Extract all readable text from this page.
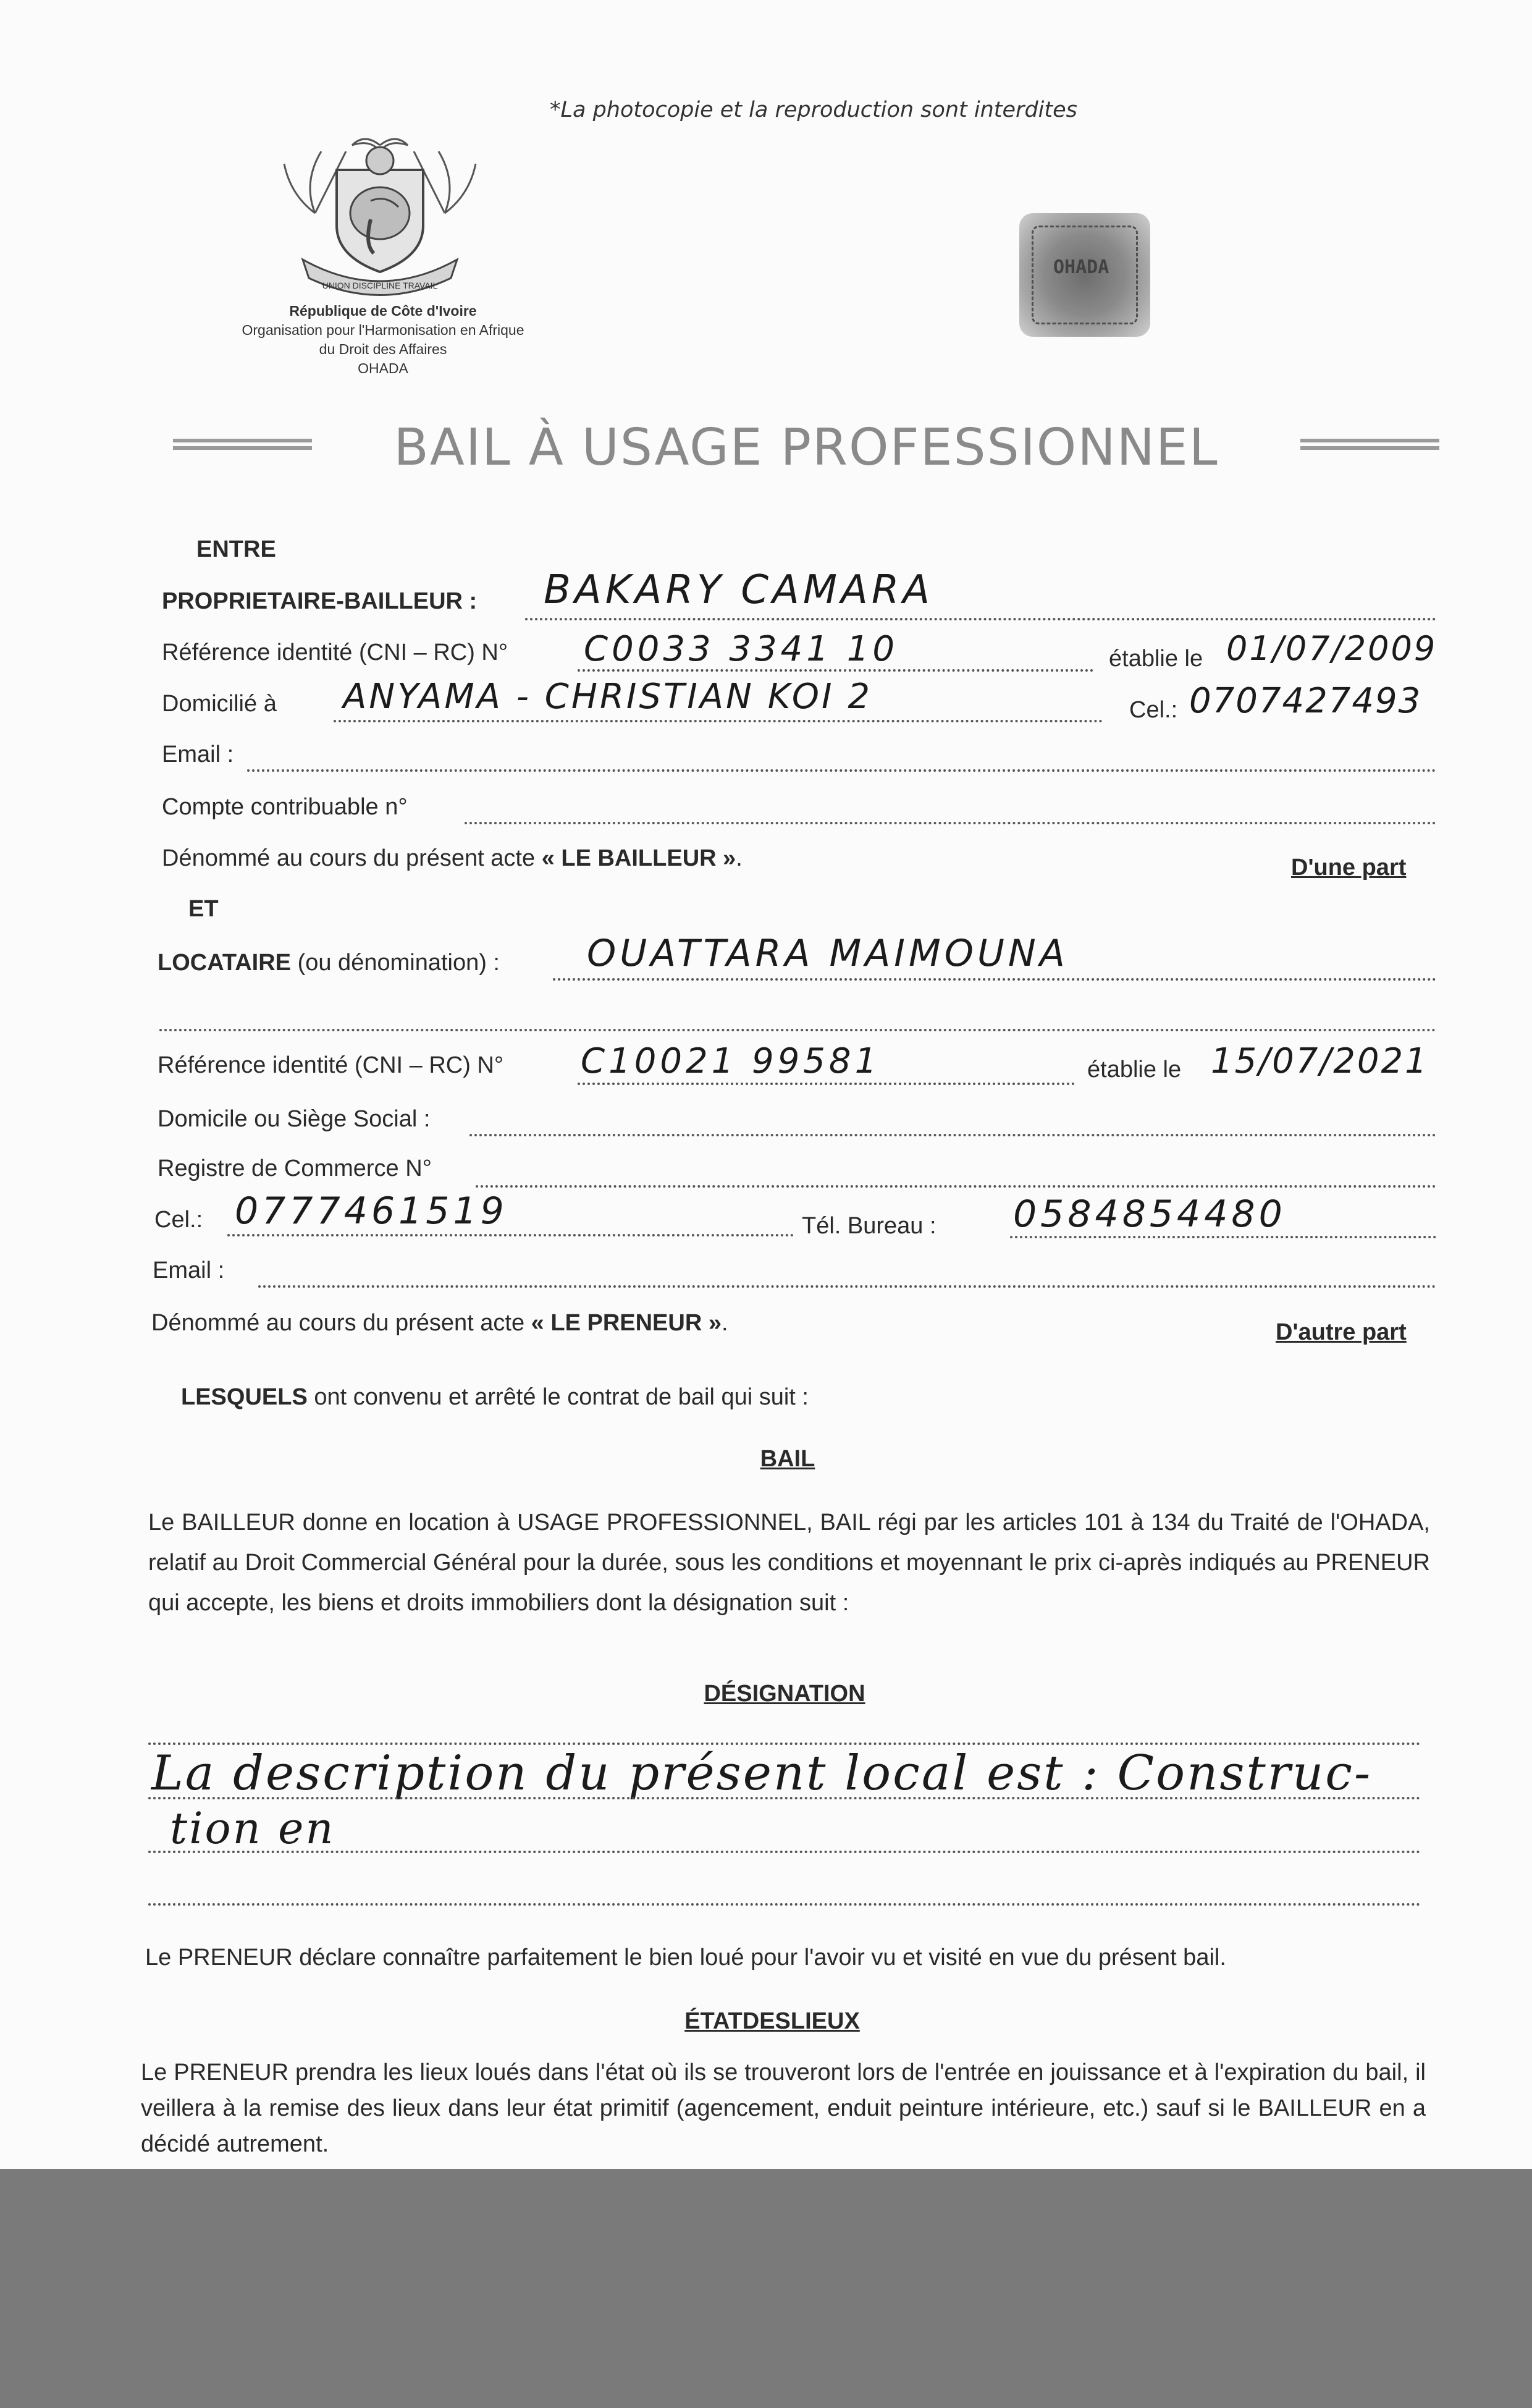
*La photocopie et la reproduction sont interdites
UNION DISCIPLINE TRAVAIL
République de Côte d'Ivoire
Organisation pour l'Harmonisation en Afrique
du Droit des Affaires
OHADA
OHADA
BAIL À USAGE PROFESSIONNEL
ENTRE
PROPRIETAIRE-BAILLEUR : BAKARY CAMARA
Référence identité (CNI – RC) N° C0033 3341 10	établie le 01/07/2009
Domicilié à ANYAMA - CHRISTIAN KOI 2	Cel.: 0707427493
Email :
Compte contribuable n°
Dénommé au cours du présent acte « LE BAILLEUR ».	D'une part
ET
LOCATAIRE (ou dénomination) : OUATTARA MAIMOUNA
Référence identité (CNI – RC) N° C10021 99581	établie le 15/07/2021
Domicile ou Siège Social :
Registre de Commerce N°
Cel.: 0777461519	Tél. Bureau : 0584854480
Email :
Dénommé au cours du présent acte « LE PRENEUR ».	D'autre part
LESQUELS ont convenu et arrêté le contrat de bail qui suit :
BAIL
Le BAILLEUR donne en location à USAGE PROFESSIONNEL, BAIL régi par les articles 101 à 134 du Traité de l'OHADA, relatif au Droit Commercial Général pour la durée, sous les conditions et moyennant le prix ci-après indiqués au PRENEUR qui accepte, les biens et droits immobiliers dont la désignation suit :
DÉSIGNATION
La description du présent local est : Construc-
tion en
Le PRENEUR déclare connaître parfaitement le bien loué pour l'avoir vu et visité en vue du présent bail.
ÉTATDESLIEUX
Le PRENEUR prendra les lieux loués dans l'état où ils se trouveront lors de l'entrée en jouissance et à l'expiration du bail, il veillera à la remise des lieux dans leur état primitif (agencement, enduit peinture intérieure, etc.) sauf si le BAILLEUR en a décidé autrement.
